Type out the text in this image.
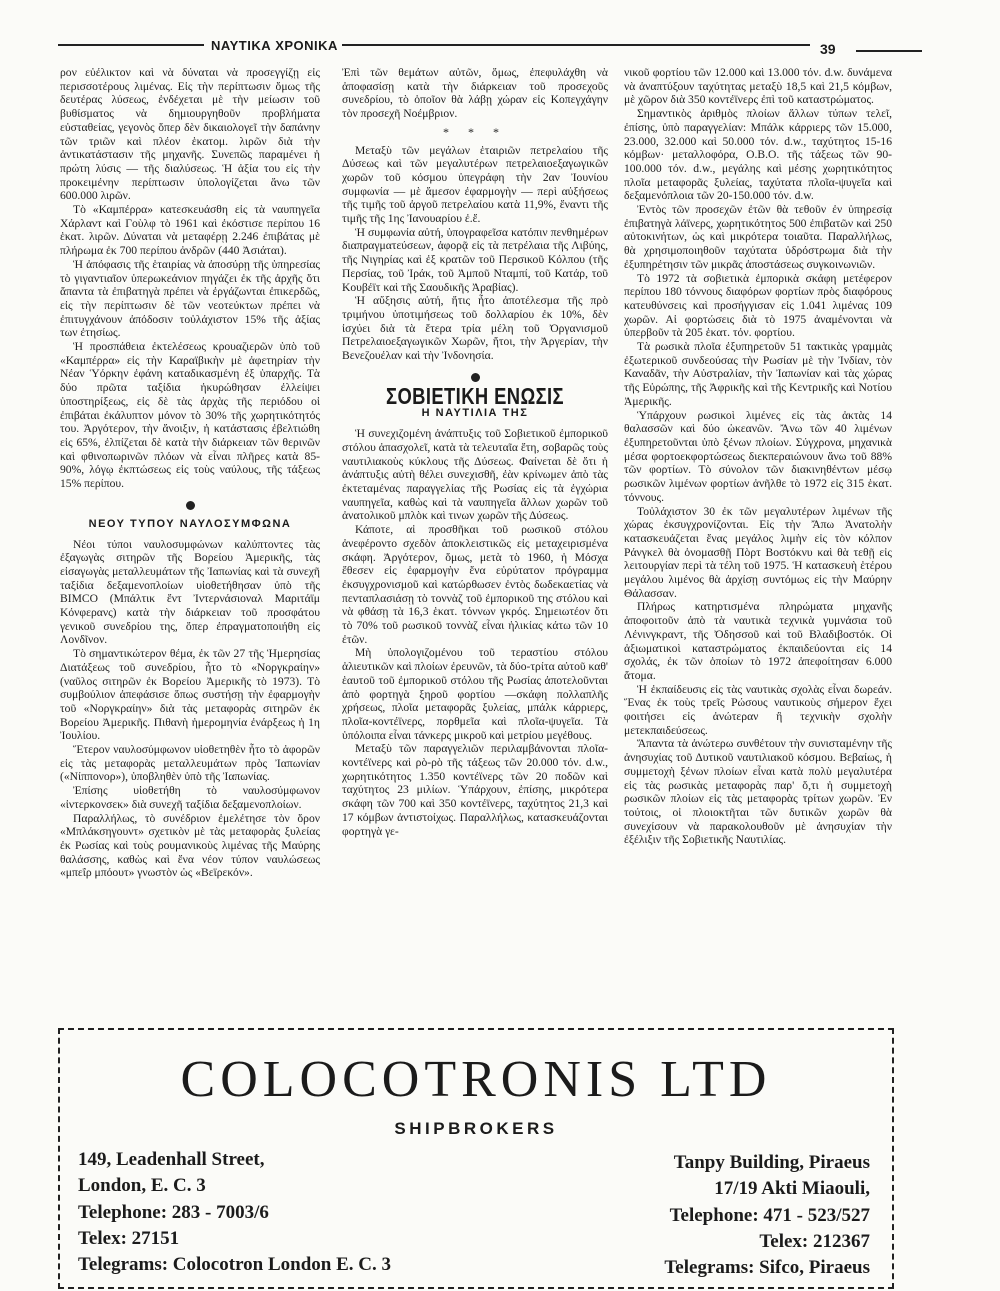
ΝΑΥΤΙΚΑ ΧΡΟΝΙΚΑ	39

ρον εὐέλικτον καὶ νὰ δύναται νὰ προσεγγίζῃ εἰς περισσοτέρους λιμένας. Εἰς τὴν περίπτωσιν ὅμως τῆς δευτέρας λύσεως, ἐνδέχεται μὲ τὴν μείωσιν τοῦ βυθίσματος νὰ δημιουργηθοῦν προβλήματα εὐσταθείας, γεγονὸς ὅπερ δὲν δικαιολογεῖ τὴν δαπάνην τῶν τριῶν καὶ πλέον ἑκατομ. λιρῶν διὰ τὴν ἀντικατάστασιν τῆς μηχανῆς. Συνεπῶς παραμένει ἡ πρώτη λύσις — τῆς διαλύσεως. Ἡ ἀξία του εἰς τὴν προκειμένην περίπτωσιν ὑπολογίζεται ἄνω τῶν 600.000 λιρῶν.

Τὸ «Καμπέρρα» κατεσκευάσθη εἰς τὰ ναυπηγεῖα Χάρλαντ καὶ Γοὺλφ τὸ 1961 καὶ ἐκόστισε περίπου 16 ἑκατ. λιρῶν. Δύναται νὰ μεταφέρῃ 2.246 ἐπιβάτας μὲ πλήρωμα ἐκ 700 περίπου ἀνδρῶν (440 Ἀσιάται).

Ἡ ἀπόφασις τῆς ἑταιρίας νὰ ἀποσύρῃ τῆς ὑπηρεσίας τὸ γιγαντιαῖον ὑπερωκεάνιον πηγάζει ἐκ τῆς ἀρχῆς ὅτι ἅπαντα τὰ ἐπιβατηγὰ πρέπει νὰ ἐργάζωνται ἐπικερδῶς, εἰς τὴν περίπτωσιν δὲ τῶν νεοτεύκτων πρέπει νὰ ἐπιτυγχάνουν ἀπόδοσιν τοὐλάχιστον 15% τῆς ἀξίας των ἐτησίως.

Ἡ προσπάθεια ἐκτελέσεως κρουαζιερῶν ὑπὸ τοῦ «Καμπέρρα» εἰς τὴν Καραϊβικὴν μὲ ἀφετηρίαν τὴν Νέαν Ὑόρκην ἐφάνη καταδικασμένη ἐξ ὑπαρχῆς. Τὰ δύο πρῶτα ταξίδια ἠκυρώθησαν ἐλλείψει ὑποστηρίξεως, εἰς δὲ τὰς ἀρχὰς τῆς περιόδου οἱ ἐπιβάται ἐκάλυπτον μόνον τὸ 30% τῆς χωρητικότητός του. Ἀργότερον, τὴν ἄνοιξιν, ἡ κατάστασις ἐβελτιώθη εἰς 65%, ἐλπίζεται δὲ κατὰ τὴν διάρκειαν τῶν θερινῶν καὶ φθινοπωρινῶν πλόων νὰ εἶναι πλῆρες κατὰ 85-90%, λόγῳ ἐκπτώσεως εἰς τοὺς ναύλους, τῆς τάξεως 15% περίπου.

ΝΕΟΥ ΤΥΠΟΥ ΝΑΥΛΟΣΥΜΦΩΝΑ

Νέοι τύποι ναυλοσυμφώνων καλύπτοντες τὰς ἐξαγωγὰς σιτηρῶν τῆς Βορείου Ἀμερικῆς, τὰς εἰσαγωγὰς μεταλλευμάτων τῆς Ἰαπωνίας καὶ τὰ συνεχῆ ταξίδια δεξαμενοπλοίων υἱοθετήθησαν ὑπὸ τῆς BIMCO (Μπάλτικ ἔντ Ἰντερνάσιοναλ Μαριτάϊμ Κόνφερανς) κατὰ τὴν διάρκειαν τοῦ προσφάτου γενικοῦ συνεδρίου της, ὅπερ ἐπραγματοποιήθη εἰς Λονδῖνον.

Τὸ σημαντικώτερον θέμα, ἐκ τῶν 27 τῆς Ἡμερησίας Διατάξεως τοῦ συνεδρίου, ἦτο τὸ «Νοργκραίην» (ναῦλος σιτηρῶν ἐκ Βορείου Ἀμερικῆς τὸ 1973). Τὸ συμβούλιον ἀπεφάσισε ὅπως συστήσῃ τὴν ἐφαρμογὴν τοῦ «Νοργκραίην» διὰ τὰς μεταφορὰς σιτηρῶν ἐκ Βορείου Ἀμερικῆς. Πιθανὴ ἡμερομηνία ἐνάρξεως ἡ 1η Ἰουλίου.

Ἕτερον ναυλοσύμφωνον υἱοθετηθὲν ἦτο τὸ ἀφορῶν εἰς τὰς μεταφορὰς μεταλλευμάτων πρὸς Ἰαπωνίαν («Νίππονορ»), ὑποβληθὲν ὑπὸ τῆς Ἰαπωνίας.

Ἐπίσης υἱοθετήθη τὸ ναυλοσύμφωνον «ἰντερκονσεκ» διὰ συνεχῆ ταξίδια δεξαμενοπλοίων.

Παραλλήλως, τὸ συνέδριον ἐμελέτησε τὸν ὅρον «Μπλάκσηγουντ» σχετικὸν μὲ τὰς μεταφορὰς ξυλείας ἐκ Ρωσίας καὶ τοὺς ρουμανικοὺς λιμένας τῆς Μαύρης θαλάσσης, καθὼς καὶ ἕνα νέον τύπον ναυλώσεως «μπεΐρ μπόουτ» γνωστὸν ὡς «Βεϊρεκόν».

Ἐπὶ τῶν θεμάτων αὐτῶν, ὅμως, ἐπεφυλάχθη νὰ ἀποφασίσῃ κατὰ τὴν διάρκειαν τοῦ προσεχοῦς συνεδρίου, τὸ ὁποῖον θὰ λάβῃ χώραν εἰς Κοπεγχάγην τὸν προσεχῆ Νοέμβριον.

* * *

Μεταξὺ τῶν μεγάλων ἑταιριῶν πετρελαίου τῆς Δύσεως καὶ τῶν μεγαλυτέρων πετρελαιοεξαγωγικῶν χωρῶν τοῦ κόσμου ὑπεγράφη τὴν 2αν Ἰουνίου συμφωνία — μὲ ἄμεσον ἐφαρμογὴν — περὶ αὐξήσεως τῆς τιμῆς τοῦ ἀργοῦ πετρελαίου κατὰ 11,9%, ἔναντι τῆς τιμῆς τῆς 1ης Ἰανουαρίου ἐ.ἔ.

Ἡ συμφωνία αὐτή, ὑπογραφεῖσα κατόπιν πενθημέρων διαπραγματεύσεων, ἀφορᾷ εἰς τὰ πετρέλαια τῆς Λιβύης, τῆς Νιγηρίας καὶ ἐξ κρατῶν τοῦ Περσικοῦ Κόλπου (τῆς Περσίας, τοῦ Ἰράκ, τοῦ Ἀμποῦ Νταμπί, τοῦ Κατάρ, τοῦ Κουβέϊτ καὶ τῆς Σαουδικῆς Ἀραβίας).

Ἡ αὔξησις αὐτή, ἥτις ἦτο ἀποτέλεσμα τῆς πρὸ τριμήνου ὑποτιμήσεως τοῦ δολλαρίου ἐκ 10%, δὲν ἰσχύει διὰ τὰ ἕτερα τρία μέλη τοῦ Ὀργανισμοῦ Πετρελαιοεξαγωγικῶν Χωρῶν, ἤτοι, τὴν Ἀργερίαν, τὴν Βενεζουέλαν καὶ τὴν Ἰνδονησία.

ΣΟΒΙΕΤΙΚΗ ΕΝΩΣΙΣ
Η ΝΑΥΤΙΛΙΑ ΤΗΣ

Ἡ συνεχιζομένη ἀνάπτυξις τοῦ Σοβιετικοῦ ἐμπορικοῦ στόλου ἀπασχολεῖ, κατὰ τὰ τελευταῖα ἔτη, σοβαρῶς τοὺς ναυτιλιακοὺς κύκλους τῆς Δύσεως. Φαίνεται δὲ ὅτι ἡ ἀνάπτυξις αὐτὴ θέλει συνεχισθῆ, ἐὰν κρίνωμεν ἀπὸ τὰς ἐκτεταμένας παραγγελίας τῆς Ρωσίας εἰς τὰ ἐγχώρια ναυπηγεῖα, καθὼς καὶ τὰ ναυπηγεῖα ἄλλων χωρῶν τοῦ ἀνατολικοῦ μπλὸκ καὶ τινων χωρῶν τῆς Δύσεως.

Κάποτε, αἱ προσθῆκαι τοῦ ρωσικοῦ στόλου ἀνεφέροντο σχεδὸν ἀποκλειστικῶς εἰς μεταχειρισμένα σκάφη. Ἀργότερον, ὅμως, μετὰ τὸ 1960, ἡ Μόσχα ἔθεσεν εἰς ἐφαρμογὴν ἕνα εὐρύτατον πρόγραμμα ἐκσυγχρονισμοῦ καὶ κατώρθωσεν ἐντὸς δωδεκαετίας νὰ πενταπλασιάσῃ τὸ τοννὰζ τοῦ ἐμπορικοῦ της στόλου καὶ νὰ φθάσῃ τὰ 16,3 ἑκατ. τόννων γκρός. Σημειωτέον ὅτι τὸ 70% τοῦ ρωσικοῦ τοννὰζ εἶναι ἡλικίας κάτω τῶν 10 ἐτῶν.

Μὴ ὑπολογιζομένου τοῦ τεραστίου στόλου ἁλιευτικῶν καὶ πλοίων ἐρευνῶν, τὰ δύο-τρίτα αὐτοῦ καθ' ἑαυτοῦ τοῦ ἐμπορικοῦ στόλου τῆς Ρωσίας ἀποτελοῦνται ἀπὸ φορτηγὰ ξηροῦ φορτίου —σκάφη πολλαπλῆς χρήσεως, πλοῖα μεταφορᾶς ξυλείας, μπάλκ κάρριερς, πλοῖα-κοντέϊνερς, πορθμεῖα καὶ πλοῖα-ψυγεῖα. Τὰ ὑπόλοιπα εἶναι τάνκερς μικροῦ καὶ μετρίου μεγέθους.

Μεταξὺ τῶν παραγγελιῶν περιλαμβάνονται πλοῖα-κοντέϊνερς καὶ ρὸ-ρὸ τῆς τάξεως τῶν 20.000 τόν. d.w., χωρητικότητος 1.350 κοντέϊνερς τῶν 20 ποδῶν καὶ ταχύτητος 23 μιλίων. Ὑπάρχουν, ἐπίσης, μικρότερα σκάφη τῶν 700 καὶ 350 κοντέϊνερς, ταχύτητος 21,3 καὶ 17 κόμβων ἀντιστοίχως. Παραλλήλως, κατασκευάζονται φορτηγὰ γε-

νικοῦ φορτίου τῶν 12.000 καὶ 13.000 τόν. d.w. δυνάμενα νὰ ἀναπτύξουν ταχύτητας μεταξὺ 18,5 καὶ 21,5 κόμβων, μὲ χῶρον διὰ 350 κοντέϊνερς ἐπὶ τοῦ καταστρώματος.

Σημαντικὸς ἀριθμὸς πλοίων ἄλλων τύπων τελεῖ, ἐπίσης, ὑπὸ παραγγελίαν: Μπάλκ κάρριερς τῶν 15.000, 23.000, 32.000 καὶ 50.000 τόν. d.w., ταχύτητος 15-16 κόμβων· μεταλλοφόρα, Ο.Β.Ο. τῆς τάξεως τῶν 90-100.000 τόν. d.w., μεγάλης καὶ μέσης χωρητικότητος πλοῖα μεταφορᾶς ξυλείας, ταχύτατα πλοῖα-ψυγεῖα καὶ δεξαμενόπλοια τῶν 20-150.000 τόν. d.w.

Ἐντὸς τῶν προσεχῶν ἐτῶν θὰ τεθοῦν ἐν ὑπηρεσίᾳ ἐπιβατηγὰ λάϊνερς, χωρητικότητος 500 ἐπιβατῶν καὶ 250 αὐτοκινήτων, ὡς καὶ μικρότερα τοιαῦτα. Παραλλήλως, θὰ χρησιμοποιηθοῦν ταχύτατα ὑδρόστρωμα διὰ τὴν ἐξυπηρέτησιν τῶν μικρᾶς ἀποστάσεως συγκοινωνιῶν.

Τὸ 1972 τὰ σοβιετικὰ ἐμπορικὰ σκάφη μετέφερον περίπου 180 τόννους διαφόρων φορτίων πρὸς διαφόρους κατευθύνσεις καὶ προσήγγισαν εἰς 1.041 λιμένας 109 χωρῶν. Αἱ φορτώσεις διὰ τὸ 1975 ἀναμένονται νὰ ὑπερβοῦν τὰ 205 ἑκατ. τόν. φορτίου.

Τὰ ρωσικὰ πλοῖα ἐξυπηρετοῦν 51 τακτικὰς γραμμὰς ἐξωτερικοῦ συνδεούσας τὴν Ρωσίαν μὲ τὴν Ἰνδίαν, τὸν Καναδᾶν, τὴν Αὐστραλίαν, τὴν Ἰαπωνίαν καὶ τὰς χώρας τῆς Εὐρώπης, τῆς Ἀφρικῆς καὶ τῆς Κεντρικῆς καὶ Νοτίου Ἀμερικῆς.

Ὑπάρχουν ρωσικοὶ λιμένες εἰς τὰς ἀκτὰς 14 θαλασσῶν καὶ δύο ὠκεανῶν. Ἄνω τῶν 40 λιμένων ἐξυπηρετοῦνται ὑπὸ ξένων πλοίων. Σύγχρονα, μηχανικὰ μέσα φορτοεκφορτώσεως διεκπεραιώνουν ἄνω τοῦ 88% τῶν φορτίων. Τὸ σύνολον τῶν διακινηθέντων μέσῳ ρωσικῶν λιμένων φορτίων ἀνῆλθε τὸ 1972 εἰς 315 ἑκατ. τόννους.

Τοὐλάχιστον 30 ἐκ τῶν μεγαλυτέρων λιμένων τῆς χώρας ἐκσυγχρονίζονται. Εἰς τὴν Ἄπω Ἀνατολὴν κατασκευάζεται ἕνας μεγάλος λιμὴν εἰς τὸν κόλπον Ράνγκελ θὰ ὀνομασθῇ Πὸρτ Βοστόκνυ καὶ θὰ τεθῇ εἰς λειτουργίαν περὶ τὰ τέλη τοῦ 1975. Ἡ κατασκευὴ ἑτέρου μεγάλου λιμένος θὰ ἀρχίσῃ συντόμως εἰς τὴν Μαύρην Θάλασσαν.

Πλήρως κατηρτισμένα πληρώματα μηχανῆς ἀποφοιτοῦν ἀπὸ τὰ ναυτικὰ τεχνικὰ γυμνάσια τοῦ Λένινγκραντ, τῆς Ὀδησσοῦ καὶ τοῦ Βλαδιβοστόκ. Οἱ ἀξιωματικοὶ καταστρώματος ἐκπαιδεύονται εἰς 14 σχολάς, ἐκ τῶν ὁποίων τὸ 1972 ἀπεφοίτησαν 6.000 ἄτομα.

Ἡ ἐκπαίδευσις εἰς τὰς ναυτικὰς σχολὰς εἶναι δωρεάν. Ἕνας ἐκ τοὺς τρεῖς Ρώσους ναυτικοὺς σήμερον ἔχει φοιτήσει εἰς ἀνώτεραν ἢ τεχνικὴν σχολὴν μετεκπαιδεύσεως.

Ἅπαντα τὰ ἀνώτερω συνθέτουν τὴν συνισταμένην τῆς ἀνησυχίας τοῦ Δυτικοῦ ναυτιλιακοῦ κόσμου. Βεβαίως, ἡ συμμετοχὴ ξένων πλοίων εἶναι κατὰ πολὺ μεγαλυτέρα εἰς τὰς ρωσικὰς μεταφορὰς παρ' ὅ,τι ἡ συμμετοχὴ ρωσικῶν πλοίων εἰς τὰς μεταφορὰς τρίτων χωρῶν. Ἐν τούτοις, οἱ πλοιοκτῆται τῶν δυτικῶν χωρῶν θὰ συνεχίσουν νὰ παρακολουθοῦν μὲ ἀνησυχίαν τὴν ἐξέλιξιν τῆς Σοβιετικῆς Ναυτιλίας.

COLOCOTRONIS LTD
SHIPBROKERS
149, Leadenhall Street,
London, E. C. 3
Telephone: 283 - 7003/6
Telex: 27151
Telegrams: Colocotron London E. C. 3
Tanpy Building, Piraeus
17/19 Akti Miaouli,
Telephone: 471 - 523/527
Telex: 212367
Telegrams: Sifco, Piraeus
